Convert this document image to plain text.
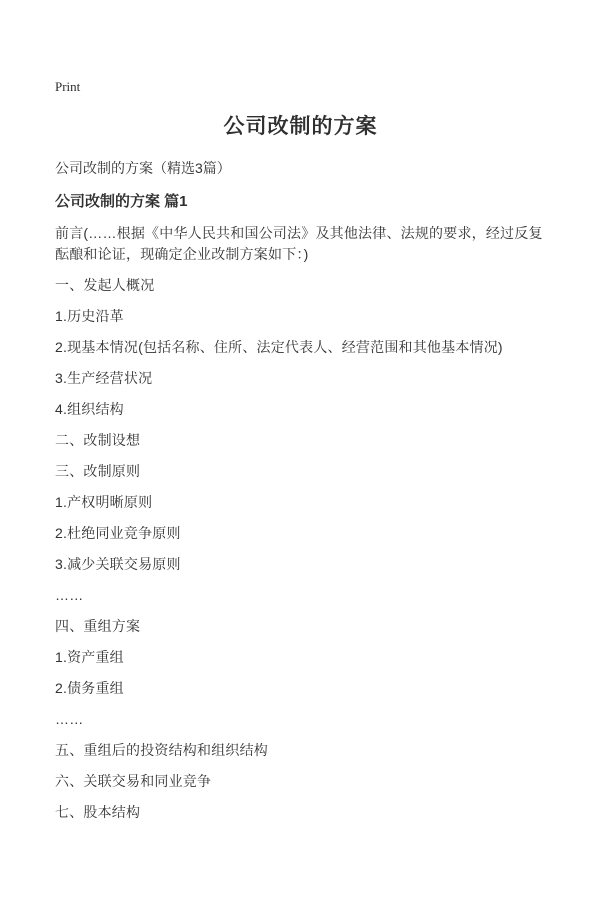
Print
公司改制的方案

公司改制的方案（精选3篇）

公司改制的方案 篇1

前言(……根据《中华人民共和国公司法》及其他法律、法规的要求，经过反复酝酿和论证，现确定企业改制方案如下：)

一、发起人概况

1.历史沿革

2.现基本情况(包括名称、住所、法定代表人、经营范围和其他基本情况)

3.生产经营状况

4.组织结构

二、改制设想

三、改制原则

1.产权明晰原则

2.杜绝同业竞争原则

3.减少关联交易原则

……

四、重组方案

1.资产重组

2.债务重组

……

五、重组后的投资结构和组织结构

六、关联交易和同业竞争

七、股本结构
